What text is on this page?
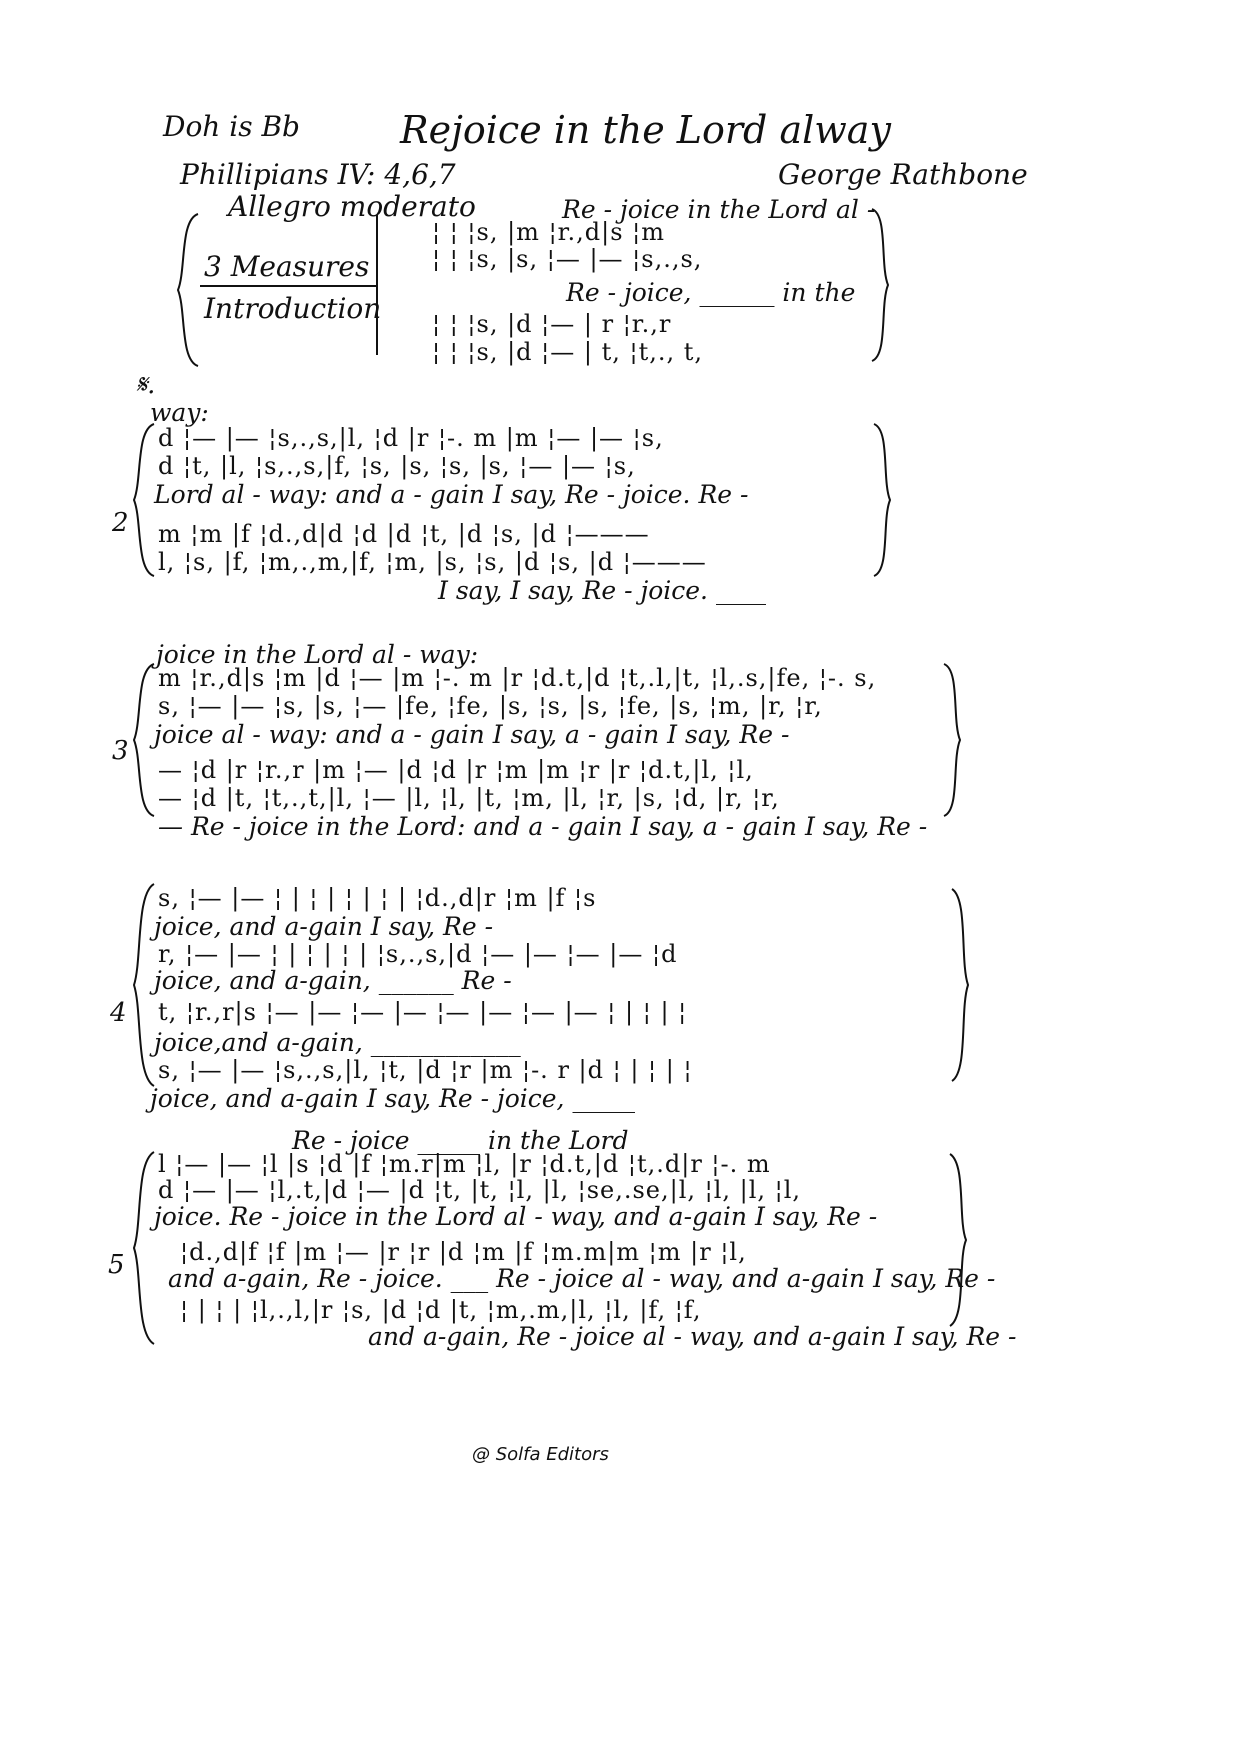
Doh is Bb	Rejoice in the Lord alway
Phillipians IV: 4,6,7	George Rathbone
Allegro moderato
3 Measures
Introduction
Re - joice in the Lord al -
¦ ¦ ¦s, |m ¦r.,d|s ¦m
¦ ¦ ¦s, |s, ¦— |— ¦s,.,s,
Re - joice, ______ in the
¦ ¦ ¦s, |d ¦— | r ¦r.,r
¦ ¦ ¦s, |d ¦— | t, ¦t,., t,
𝄋.
way:
2
d ¦— |— ¦s,.,s,|l, ¦d |r ¦-. m |m ¦— |— ¦s,
d ¦t, |l, ¦s,.,s,|f, ¦s, |s, ¦s, |s, ¦— |— ¦s,
Lord al - way: and a - gain I say, Re - joice. Re -
m ¦m |f ¦d.,d|d ¦d |d ¦t, |d ¦s, |d ¦———
l, ¦s, |f, ¦m,.,m,|f, ¦m, |s, ¦s, |d ¦s, |d ¦———
I say, I say, Re - joice. ____
joice in the Lord al - way:
3
m ¦r.,d|s ¦m |d ¦— |m ¦-. m |r ¦d.t,|d ¦t,.l,|t, ¦l,.s,|fe, ¦-. s,
s, ¦— |— ¦s, |s, ¦— |fe, ¦fe, |s, ¦s, |s, ¦fe, |s, ¦m, |r, ¦r,
joice al - way: and a - gain I say, a - gain I say, Re -
— ¦d |r ¦r.,r |m ¦— |d ¦d |r ¦m |m ¦r |r ¦d.t,|l, ¦l,
— ¦d |t, ¦t,.,t,|l, ¦— |l, ¦l, |t, ¦m, |l, ¦r, |s, ¦d, |r, ¦r,
— Re - joice in the Lord: and a - gain I say, a - gain I say, Re -
4
s, ¦— |— ¦ | ¦ | ¦ | ¦ | ¦d.,d|r ¦m |f ¦s
joice, and a-gain I say, Re -
r, ¦— |— ¦ | ¦ | ¦ | ¦s,.,s,|d ¦— |— ¦— |— ¦d
joice, and a-gain, ______ Re -
t, ¦r.,r|s ¦— |— ¦— |— ¦— |— ¦— |— ¦ | ¦ | ¦
joice,and a-gain, ____________
s, ¦— |— ¦s,.,s,|l, ¦t, |d ¦r |m ¦-. r |d ¦ | ¦ | ¦
joice, and a-gain I say, Re - joice, _____
Re - joice _____ in the Lord
5
l ¦— |— ¦l |s ¦d |f ¦m.r|m ¦l, |r ¦d.t,|d ¦t,.d|r ¦-. m
d ¦— |— ¦l,.t,|d ¦— |d ¦t, |t, ¦l, |l, ¦se,.se,|l, ¦l, |l, ¦l,
joice. Re - joice in the Lord al - way, and a-gain I say, Re -
¦d.,d|f ¦f |m ¦— |r ¦r |d ¦m |f ¦m.m|m ¦m |r ¦l,
and a-gain, Re - joice. ___ Re - joice al - way, and a-gain I say, Re -
¦ | ¦ | ¦l,.,l,|r ¦s, |d ¦d |t, ¦m,.m,|l, ¦l, |f, ¦f,
and a-gain, Re - joice al - way, and a-gain I say, Re -
@ Solfa Editors
